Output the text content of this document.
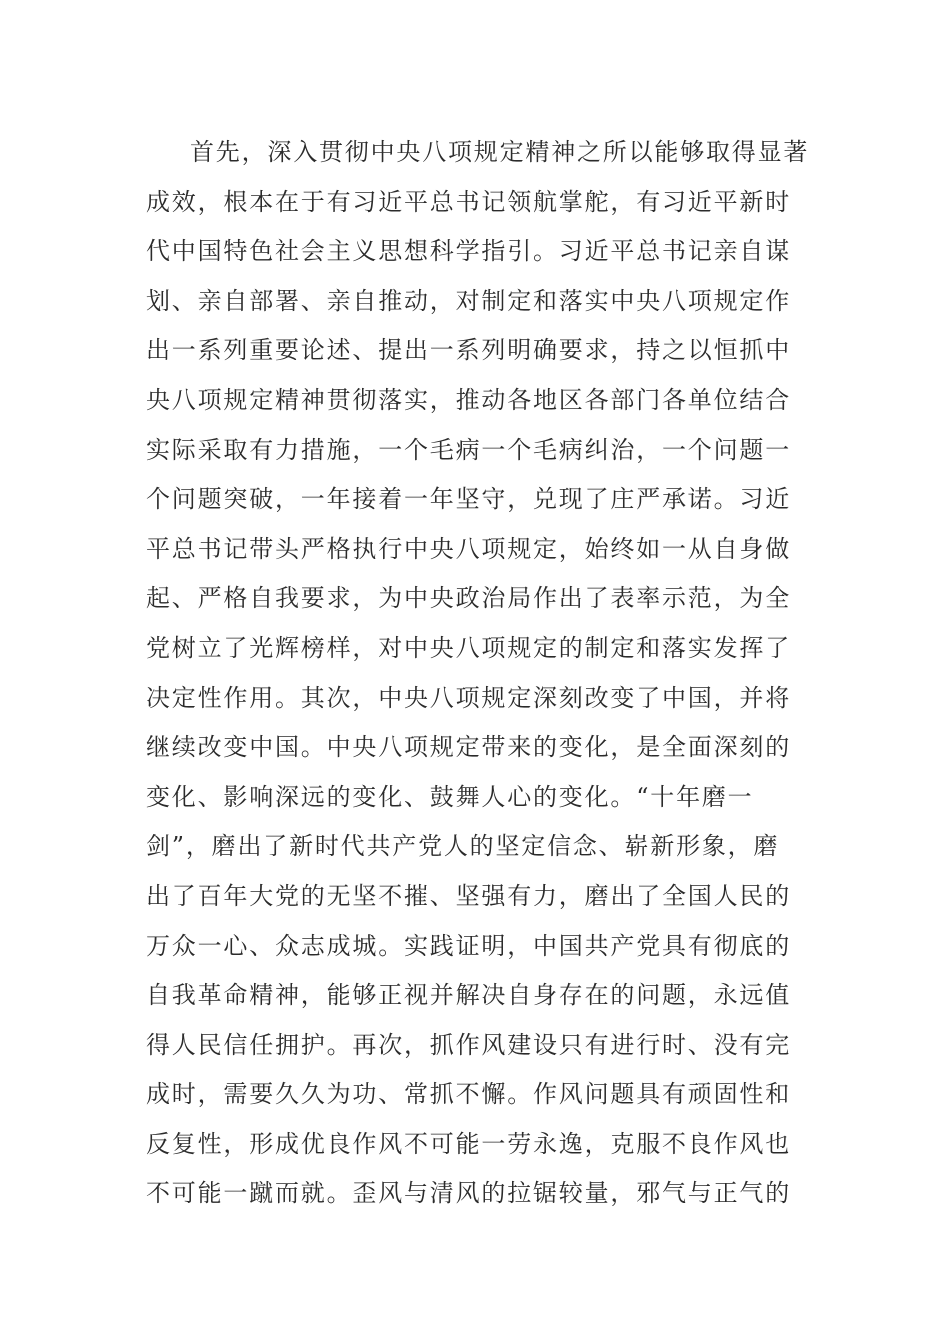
首先，深入贯彻中央八项规定精神之所以能够取得显著
成效，根本在于有习近平总书记领航掌舵，有习近平新时
代中国特色社会主义思想科学指引。习近平总书记亲自谋
划、亲自部署、亲自推动，对制定和落实中央八项规定作
出一系列重要论述、提出一系列明确要求，持之以恒抓中
央八项规定精神贯彻落实，推动各地区各部门各单位结合
实际采取有力措施，一个毛病一个毛病纠治，一个问题一
个问题突破，一年接着一年坚守，兑现了庄严承诺。习近
平总书记带头严格执行中央八项规定，始终如一从自身做
起、严格自我要求，为中央政治局作出了表率示范，为全
党树立了光辉榜样，对中央八项规定的制定和落实发挥了
决定性作用。其次，中央八项规定深刻改变了中国，并将
继续改变中国。中央八项规定带来的变化，是全面深刻的
变化、影响深远的变化、鼓舞人心的变化。“十年磨一
剑”，磨出了新时代共产党人的坚定信念、崭新形象，磨
出了百年大党的无坚不摧、坚强有力，磨出了全国人民的
万众一心、众志成城。实践证明，中国共产党具有彻底的
自我革命精神，能够正视并解决自身存在的问题，永远值
得人民信任拥护。再次，抓作风建设只有进行时、没有完
成时，需要久久为功、常抓不懈。作风问题具有顽固性和
反复性，形成优良作风不可能一劳永逸，克服不良作风也
不可能一蹴而就。歪风与清风的拉锯较量，邪气与正气的
